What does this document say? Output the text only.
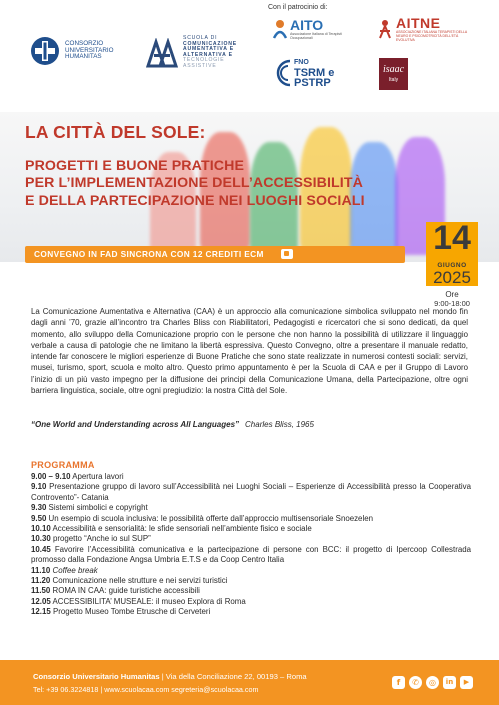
Con il patrocinio di:
CONSORZIO
UNIVERSITARIO
HUMANITAS
SCUOLA DI
COMUNICAZIONE
AUMENTATIVA E
ALTERNATIVA E
TECNOLOGIE
ASSISTIVE
AITO
Associazione Italiana di Terapisti Occupazionali
AITNE
ASSOCIAZIONE ITALIANA TERAPISTI DELLA NEURO E PSICOMOTRICITÀ DELL'ETÀ EVOLUTIVA
FNO
TSRM e
PSTRP
isaac
Italy
LA CITTÀ DEL SOLE:
PROGETTI E BUONE PRATICHE
PER L’IMPLEMENTAZIONE DELL’ACCESSIBILITÀ
E DELLA PARTECIPAZIONE NEI LUOGHI SOCIALI
CONVEGNO IN FAD SINCRONA CON 12 CREDITI ECM	14
GIUGNO
2025
Ore
9:00-18:00
La Comunicazione Aumentativa e Alternativa (CAA) è un approccio alla comunicazione simbolica sviluppato nel mondo fin dagli anni ’70, grazie all’incontro tra Charles Bliss con Riabilitatori, Pedagogisti e ricercatori che si sono dedicati, da quel momento, allo sviluppo della Comunicazione proprio con le persone che non hanno la possibilità di utilizzare il linguaggio verbale a causa di patologie che ne limitano la libertà espressiva. Questo Convegno, oltre a presentare il manuale redatto, intende far conoscere le migliori esperienze di Buone Pratiche che sono state realizzate in numerosi contesti sociali: servizi, musei, turismo, sport, scuola e molto altro. Questo primo appuntamento è per la Scuola di CAA e per il Gruppo di Lavoro l’inizio di un più vasto impegno per la diffusione dei principi della Comunicazione Umana, della Partecipazione, oltre ogni barriera linguistica, sociale, oltre ogni pregiudizio: la nostra Città del Sole.
“One World and Understanding across All Languages” Charles Bliss, 1965
PROGRAMMA
9.00 – 9.10 Apertura lavori
9.10 Presentazione gruppo di lavoro sull’Accessibilità nei Luoghi Sociali – Esperienze di Accessibilità presso la Cooperativa Controvento”- Catania
9.30 Sistemi simbolici e copyright
9.50 Un esempio di scuola inclusiva: le possibilità offerte dall’approccio multisensoriale Snoezelen
10.10 Accessibilità e sensorialità: le sfide sensoriali nell’ambiente fisico e sociale
10.30 progetto “Anche io sul SUP”
10.45 Favorire l’Accessibilità comunicativa e la partecipazione di persone con BCC: il progetto di Ipercoop Collestrada promosso dalla Fondazione Angsa Umbria E.T.S e da Coop Centro Italia
11.10 Coffee break
11.20 Comunicazione nelle strutture e nei servizi turistici
11.50 ROMA IN CAA: guide turistiche accessibili
12.05 ACCESSIBILITA’ MUSEALE: il museo Explora di Roma
12.15 Progetto Museo Tombe Etrusche di Cerveteri
Consorzio Universitario Humanitas | Via della Conciliazione 22, 00193 – Roma
Tel: +39 06.3224818 | www.scuolacaa.com segreteria@scuolacaa.com
f	✆	◎	in	▶
